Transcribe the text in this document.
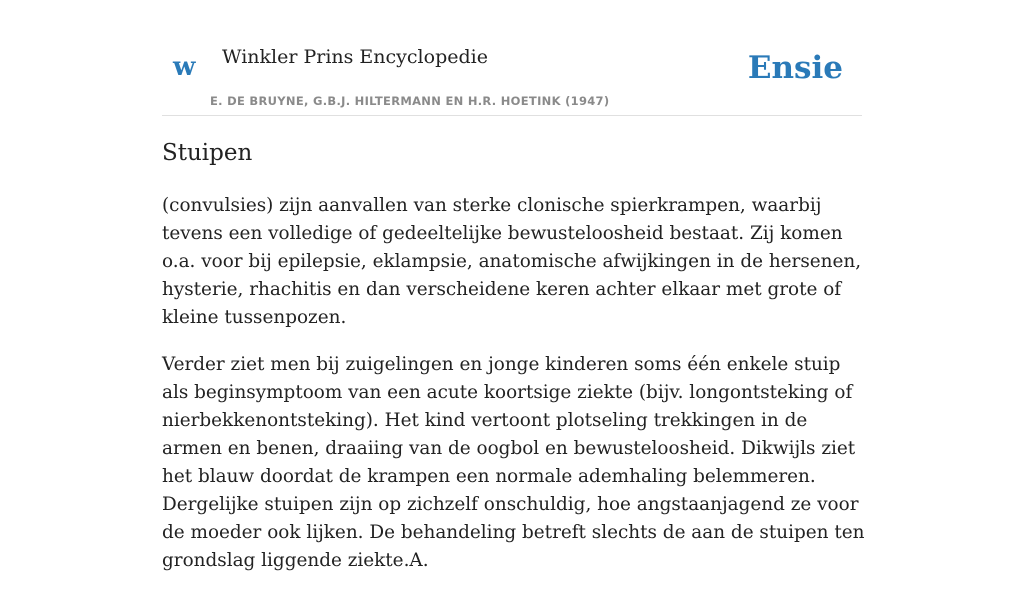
w Winkler Prins Encyclopedie
E. DE BRUYNE, G.B.J. HILTERMANN EN H.R. HOETINK (1947)
Ensie
Stuipen

(convulsies) zijn aanvallen van sterke clonische spierkrampen, waarbij tevens een volledige of gedeeltelijke bewusteloosheid bestaat. Zij komen o.a. voor bij epilepsie, eklampsie, anatomische afwijkingen in de hersenen, hysterie, rhachitis en dan verscheidene keren achter elkaar met grote of kleine tussenpozen.

Verder ziet men bij zuigelingen en jonge kinderen soms één enkele stuip als beginsymptoom van een acute koortsige ziekte (bijv. longontsteking of nierbekkenontsteking). Het kind vertoont plotseling trekkingen in de armen en benen, draaiing van de oogbol en bewusteloosheid. Dikwijls ziet het blauw doordat de krampen een normale ademhaling belemmeren. Dergelijke stuipen zijn op zichzelf onschuldig, hoe angstaanjagend ze voor de moeder ook lijken. De behandeling betreft slechts de aan de stuipen ten grondslag liggende ziekte.A.
